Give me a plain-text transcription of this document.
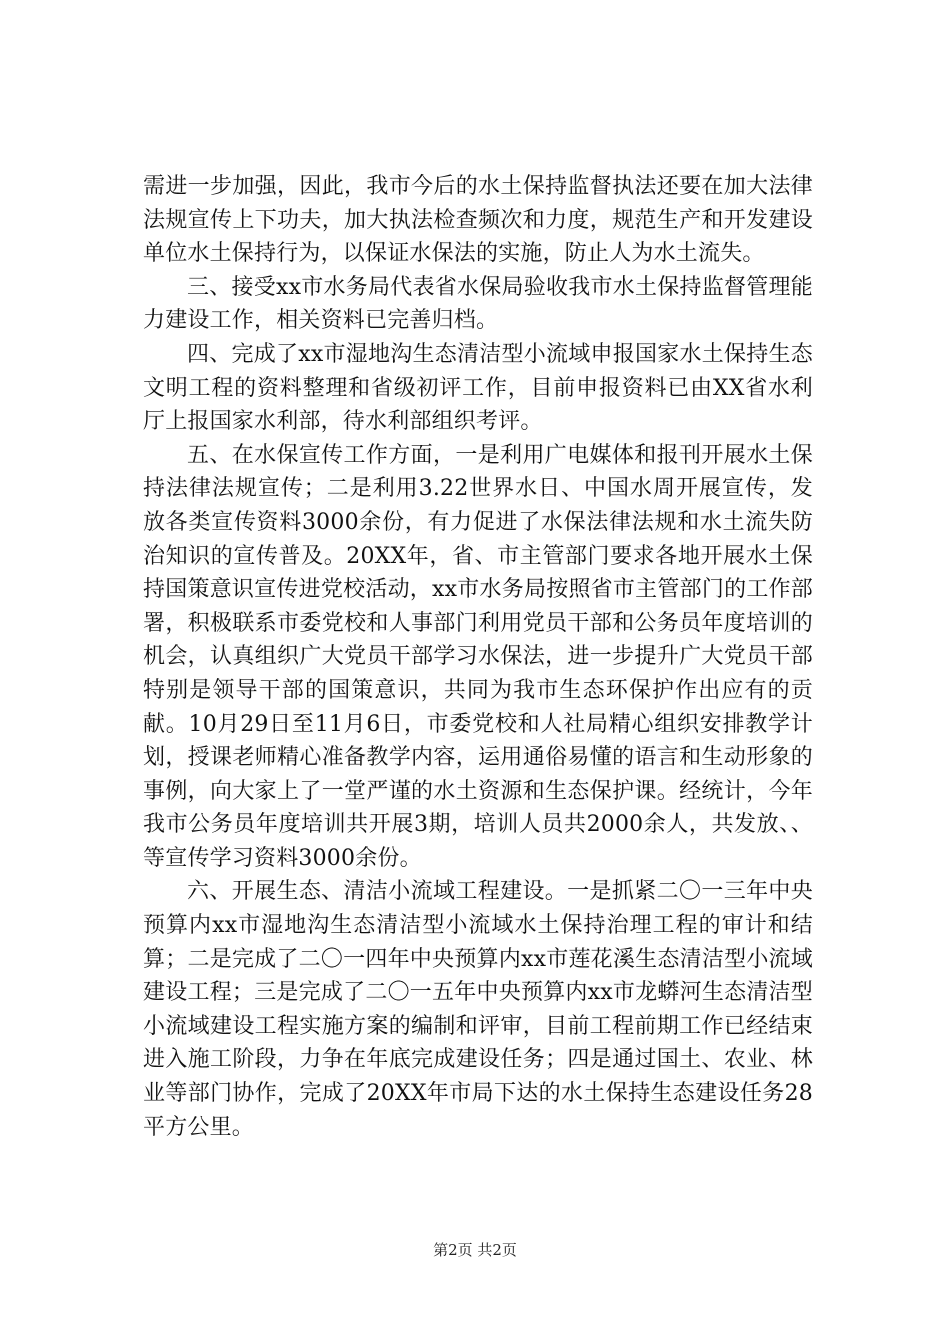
需进一步加强，因此，我市今后的水土保持监督执法还要在加大法律法规宣传上下功夫，加大执法检查频次和力度，规范生产和开发建设单位水土保持行为，以保证水保法的实施，防止人为水土流失。

三、接受xx市水务局代表省水保局验收我市水土保持监督管理能力建设工作，相关资料已完善归档。

四、完成了xx市湿地沟生态清洁型小流域申报国家水土保持生态文明工程的资料整理和省级初评工作，目前申报资料已由XX省水利厅上报国家水利部，待水利部组织考评。

五、在水保宣传工作方面，一是利用广电媒体和报刊开展水土保持法律法规宣传；二是利用3.22世界水日、中国水周开展宣传，发放各类宣传资料3000余份，有力促进了水保法律法规和水土流失防治知识的宣传普及。20XX年，省、市主管部门要求各地开展水土保持国策意识宣传进党校活动，xx市水务局按照省市主管部门的工作部署，积极联系市委党校和人事部门利用党员干部和公务员年度培训的机会，认真组织广大党员干部学习水保法，进一步提升广大党员干部特别是领导干部的国策意识，共同为我市生态环保护作出应有的贡献。10月29日至11月6日，市委党校和人社局精心组织安排教学计划，授课老师精心准备教学内容，运用通俗易懂的语言和生动形象的事例，向大家上了一堂严谨的水土资源和生态保护课。经统计，今年我市公务员年度培训共开展3期，培训人员共2000余人，共发放、、等宣传学习资料3000余份。

六、开展生态、清洁小流域工程建设。一是抓紧二〇一三年中央预算内xx市湿地沟生态清洁型小流域水土保持治理工程的审计和结算；二是完成了二〇一四年中央预算内xx市莲花溪生态清洁型小流域建设工程；三是完成了二〇一五年中央预算内xx市龙蟒河生态清洁型小流域建设工程实施方案的编制和评审，目前工程前期工作已经结束进入施工阶段，力争在年底完成建设任务；四是通过国土、农业、林业等部门协作，完成了20XX年市局下达的水土保持生态建设任务28平方公里。

第2页 共2页
